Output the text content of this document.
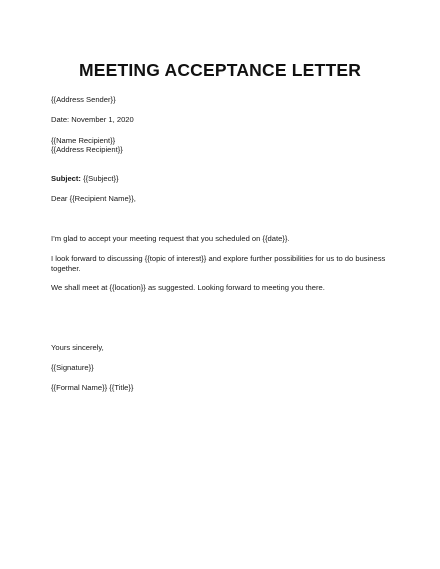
MEETING ACCEPTANCE LETTER
{{Address Sender}}
Date: November 1, 2020
{{Name Recipient}}
{{Address Recipient}}
Subject: {{Subject}}
Dear {{Recipient Name}},
I’m glad to accept your meeting request that you scheduled on {{date}}.
I look forward to discussing {{topic of interest}} and explore further possibilities for us to do business together.
We shall meet at {{location}} as suggested. Looking forward to meeting you there.
Yours sincerely,
{{Signature}}
{{Formal Name}} {{Title}}
